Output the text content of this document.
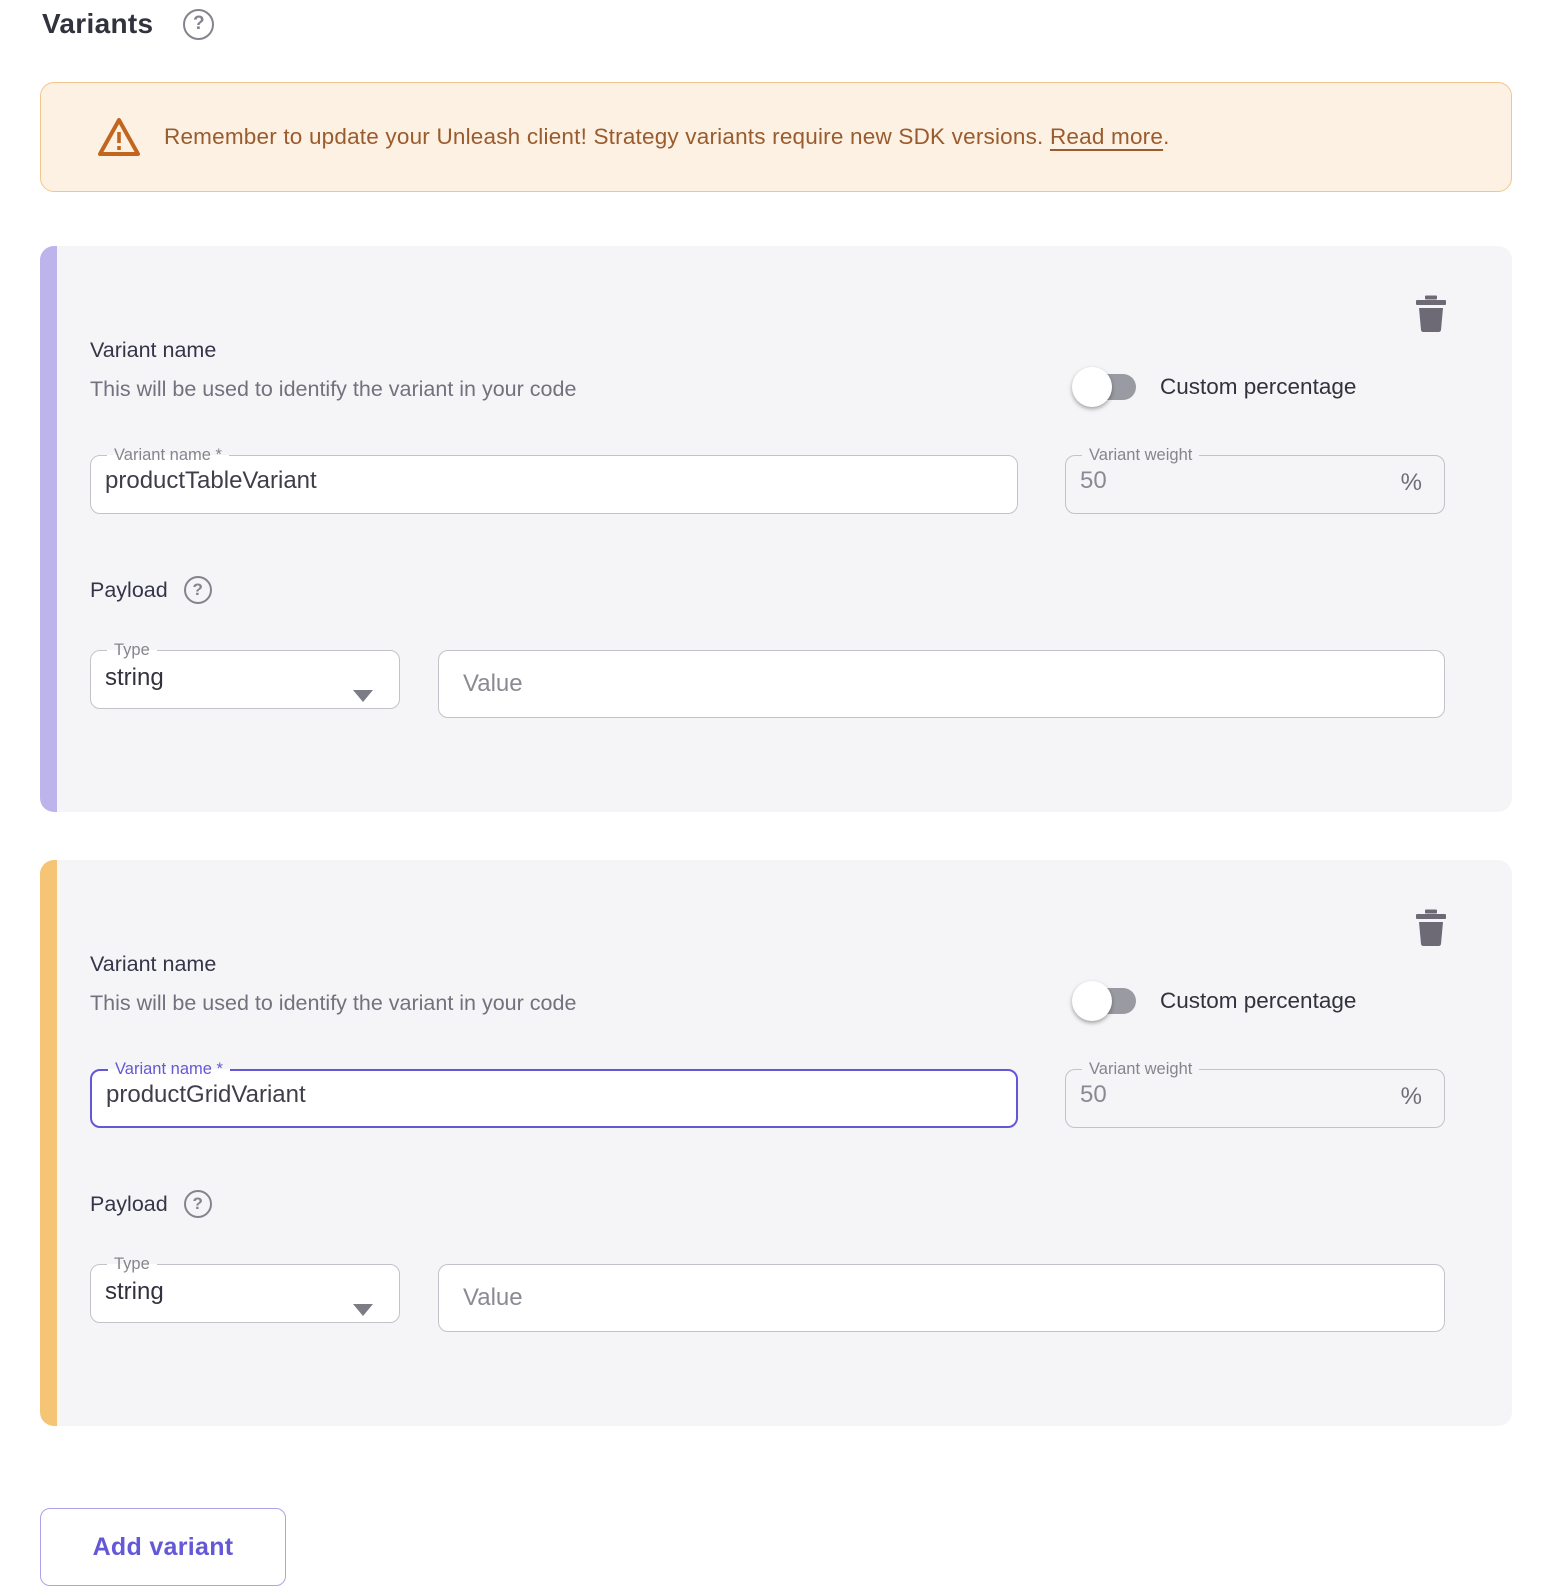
Variants	?
Remember to update your Unleash client! Strategy variants require new SDK versions. Read more.
Variant name
This will be used to identify the variant in your code	Custom percentage
Variant name *
productTableVariant	Variant weight
50
%
Payload	?
Type
string
Value
Variant name
This will be used to identify the variant in your code	Custom percentage
Variant name *
productGridVariant	Variant weight
50
%
Payload	?
Type
string
Value
Add variant
